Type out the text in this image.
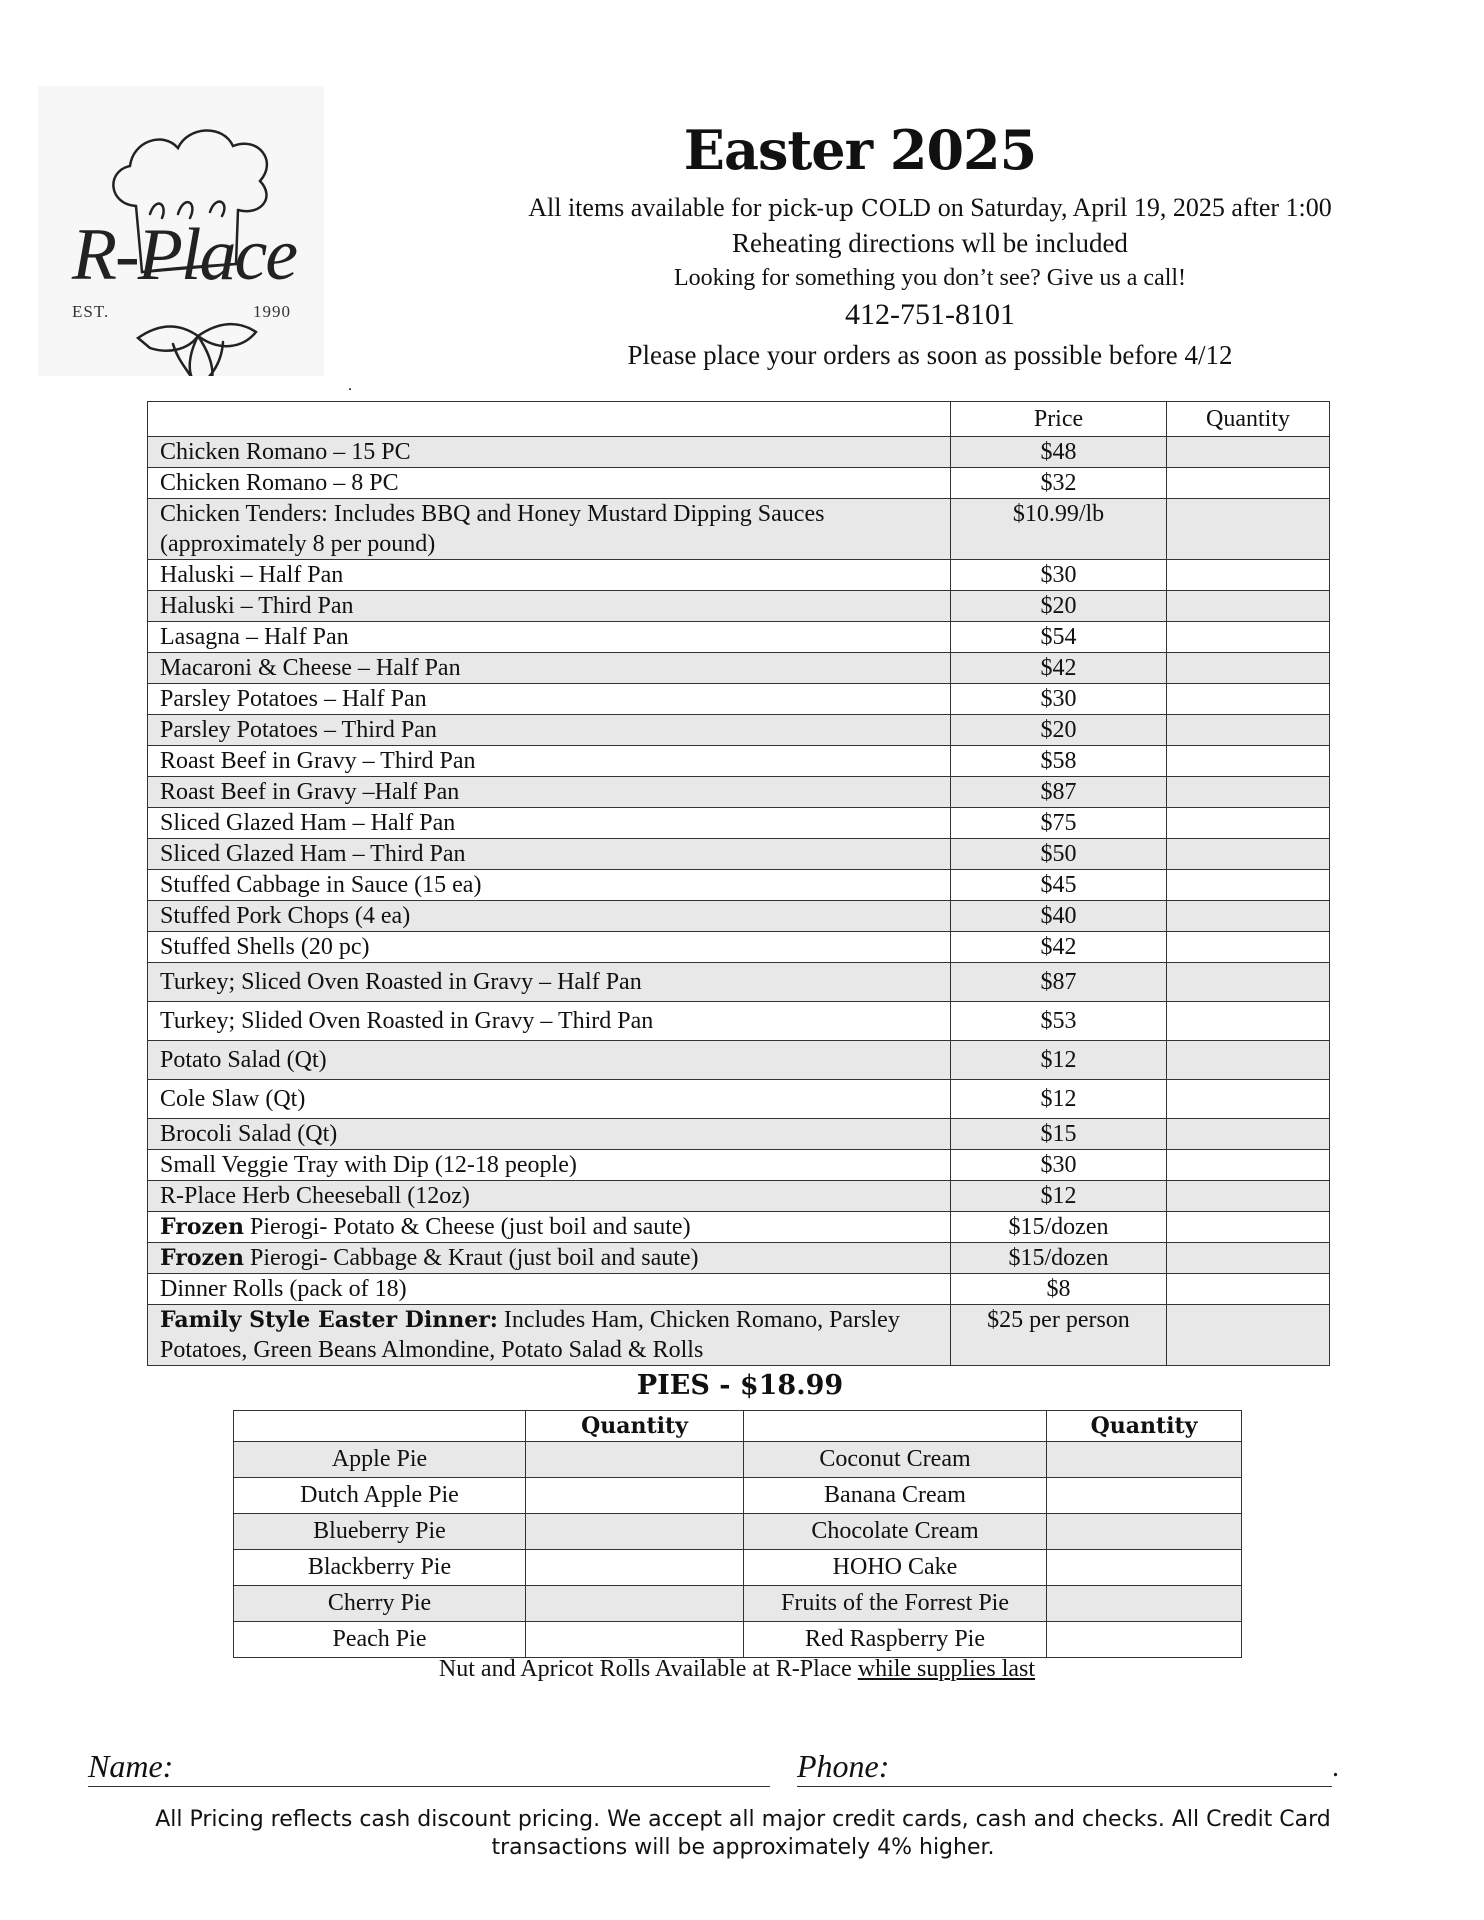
R-Place
EST.	1990
Easter 2025
All items available for pick-up COLD on Saturday, April 19, 2025 after 1:00
Reheating directions wll be included
Looking for something you don’t see? Give us a call!
412-751-8101
Please place your orders as soon as possible before 4/12
.
	Price	Quantity
Chicken Romano – 15 PC	$48	
Chicken Romano – 8 PC	$32	
Chicken Tenders: Includes BBQ and Honey Mustard Dipping Sauces (approximately 8 per pound)	$10.99/lb	
Haluski – Half Pan	$30	
Haluski – Third Pan	$20	
Lasagna – Half Pan	$54	
Macaroni & Cheese – Half Pan	$42	
Parsley Potatoes – Half Pan	$30	
Parsley Potatoes – Third Pan	$20	
Roast Beef in Gravy – Third Pan	$58	
Roast Beef in Gravy –Half Pan	$87	
Sliced Glazed Ham – Half Pan	$75	
Sliced Glazed Ham – Third Pan	$50	
Stuffed Cabbage in Sauce (15 ea)	$45	
Stuffed Pork Chops (4 ea)	$40	
Stuffed Shells (20 pc)	$42	
Turkey; Sliced Oven Roasted in Gravy – Half Pan	$87	
Turkey; Slided Oven Roasted in Gravy – Third Pan	$53	
Potato Salad (Qt)	$12	
Cole Slaw (Qt)	$12	
Brocoli Salad (Qt)	$15	
Small Veggie Tray with Dip (12-18 people)	$30	
R-Place Herb Cheeseball (12oz)	$12	
Frozen Pierogi- Potato & Cheese (just boil and saute)	$15/dozen	
Frozen Pierogi- Cabbage & Kraut (just boil and saute)	$15/dozen	
Dinner Rolls (pack of 18)	$8	
Family Style Easter Dinner: Includes Ham, Chicken Romano, Parsley Potatoes, Green Beans Almondine, Potato Salad & Rolls	$25 per person	
PIES - $18.99
	Quantity		Quantity
Apple Pie		Coconut Cream	
Dutch Apple Pie		Banana Cream	
Blueberry Pie		Chocolate Cream	
Blackberry Pie		HOHO Cake	
Cherry Pie		Fruits of the Forrest Pie	
Peach Pie		Red Raspberry Pie	
Nut and Apricot Rolls Available at R-Place while supplies last
Name:	Phone:	.
All Pricing reflects cash discount pricing. We accept all major credit cards, cash and checks. All Credit Card transactions will be approximately 4% higher.
